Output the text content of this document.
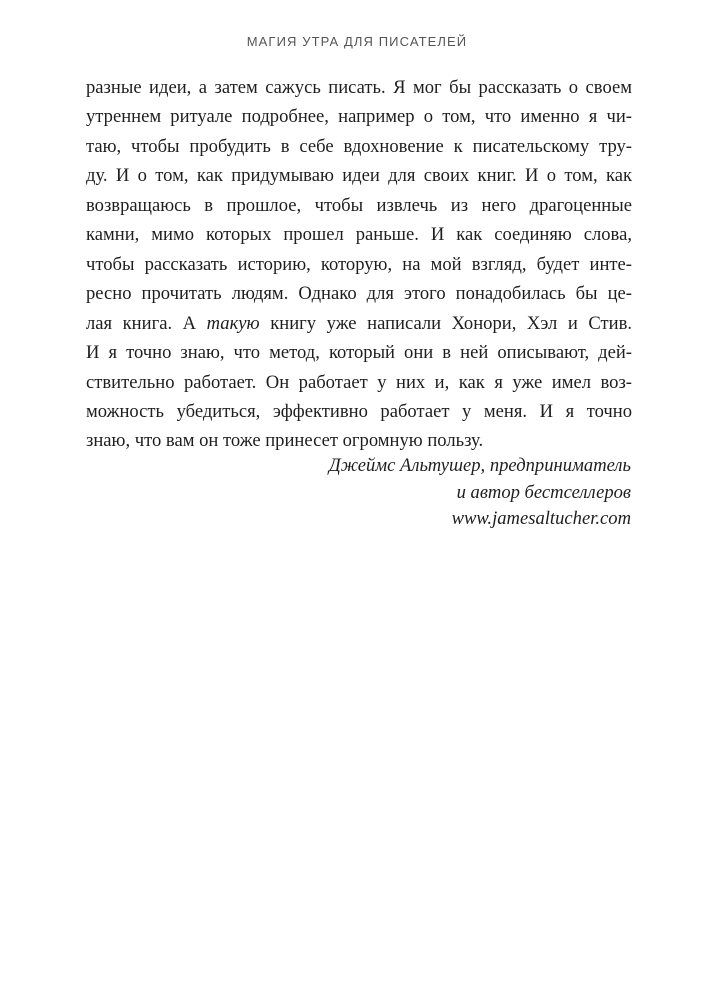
МАГИЯ УТРА ДЛЯ ПИСАТЕЛЕЙ
разные идеи, а затем сажусь писать. Я мог бы рассказать о своем
утреннем ритуале подробнее, например о том, что именно я чи-
таю, чтобы пробудить в себе вдохновение к писательскому тру-
ду. И о том, как придумываю идеи для своих книг. И о том, как
возвращаюсь в прошлое, чтобы извлечь из него драгоценные
камни, мимо которых прошел раньше. И как соединяю слова,
чтобы рассказать историю, которую, на мой взгляд, будет инте-
ресно прочитать людям. Однако для этого понадобилась бы це-
лая книга. А такую книгу уже написали Хонори, Хэл и Стив.
И я точно знаю, что метод, который они в ней описывают, дей-
ствительно работает. Он работает у них и, как я уже имел воз-
можность убедиться, эффективно работает у меня. И я точно
знаю, что вам он тоже принесет огромную пользу.
Джеймс Альтушер, предприниматель
и автор бестселлеров
www.jamesaltucher.com
